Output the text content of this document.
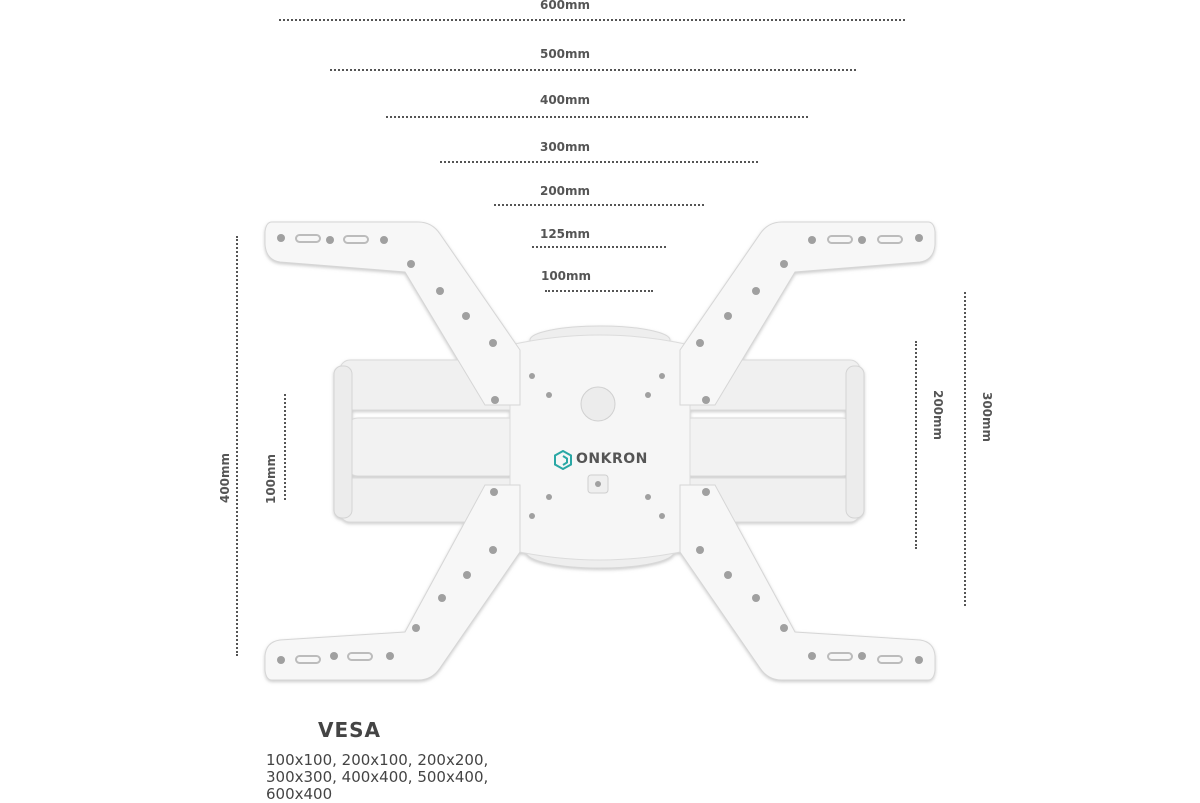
600mm
500mm
400mm
300mm
200mm
125mm
100mm
400mm	100mm
200mm	300mm
ONKRON
VESA
100x100, 200x100, 200x200,
300x300, 400x400, 500x400,
600x400
